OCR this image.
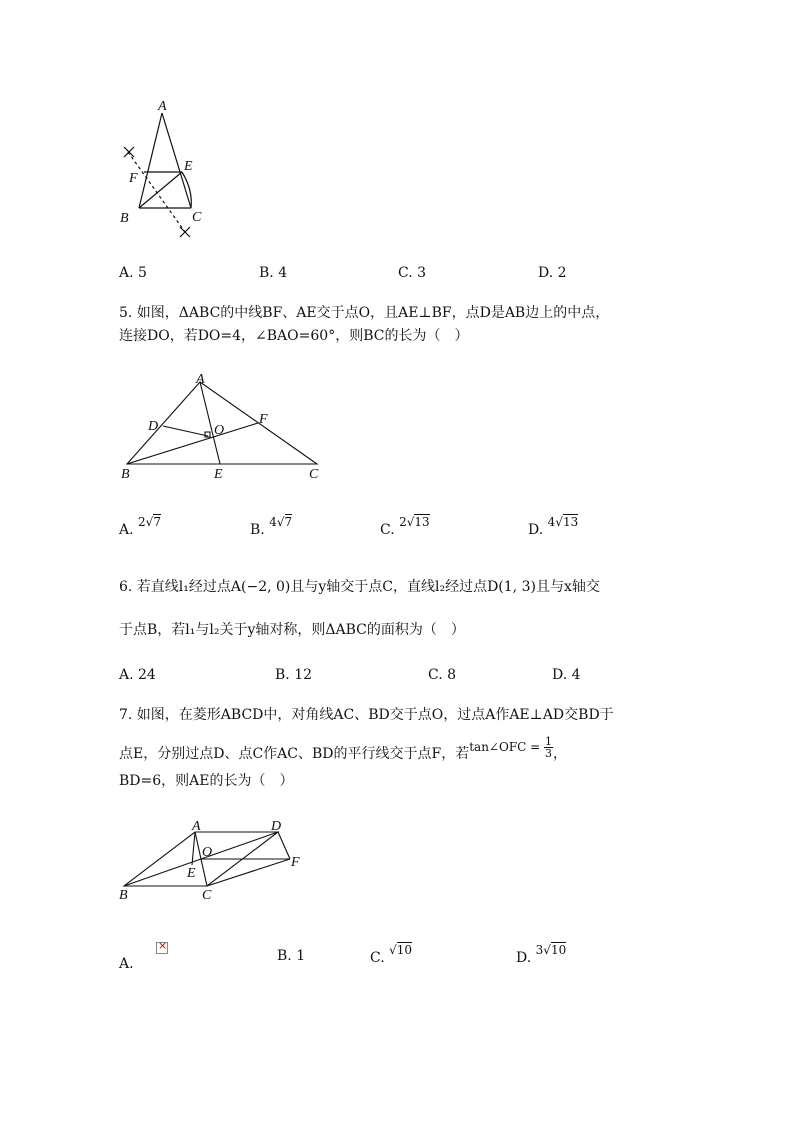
A
E
F
B	C
A. 5	B. 4	C. 3	D. 2
5. 如图，ΔABC的中线BF、AE交于点O，且AE⊥BF，点D是AB边上的中点，
连接DO，若DO=4，∠BAO=60°，则BC的长为（　）
A
D	F
O
B	E	C
A. 2√7	B. 4√7	C. 2√13	D. 4√13
6. 若直线l₁经过点A(−2, 0)且与y轴交于点C，直线l₂经过点D(1, 3)且与x轴交
于点B，若l₁与l₂关于y轴对称，则ΔABC的面积为（　）
A. 24	B. 12	C. 8	D. 4
7. 如图，在菱形ABCD中，对角线AC、BD交于点O，过点A作AE⊥AD交BD于
点E，分别过点D、点C作AC、BD的平行线交于点F，若tan∠OFC = $\frac{1}{3}$ ，
BD=6，则AE的长为（　）
A	D
O
F
E
B	C
A. ×	B. 1	C. √10	D. 3√10
